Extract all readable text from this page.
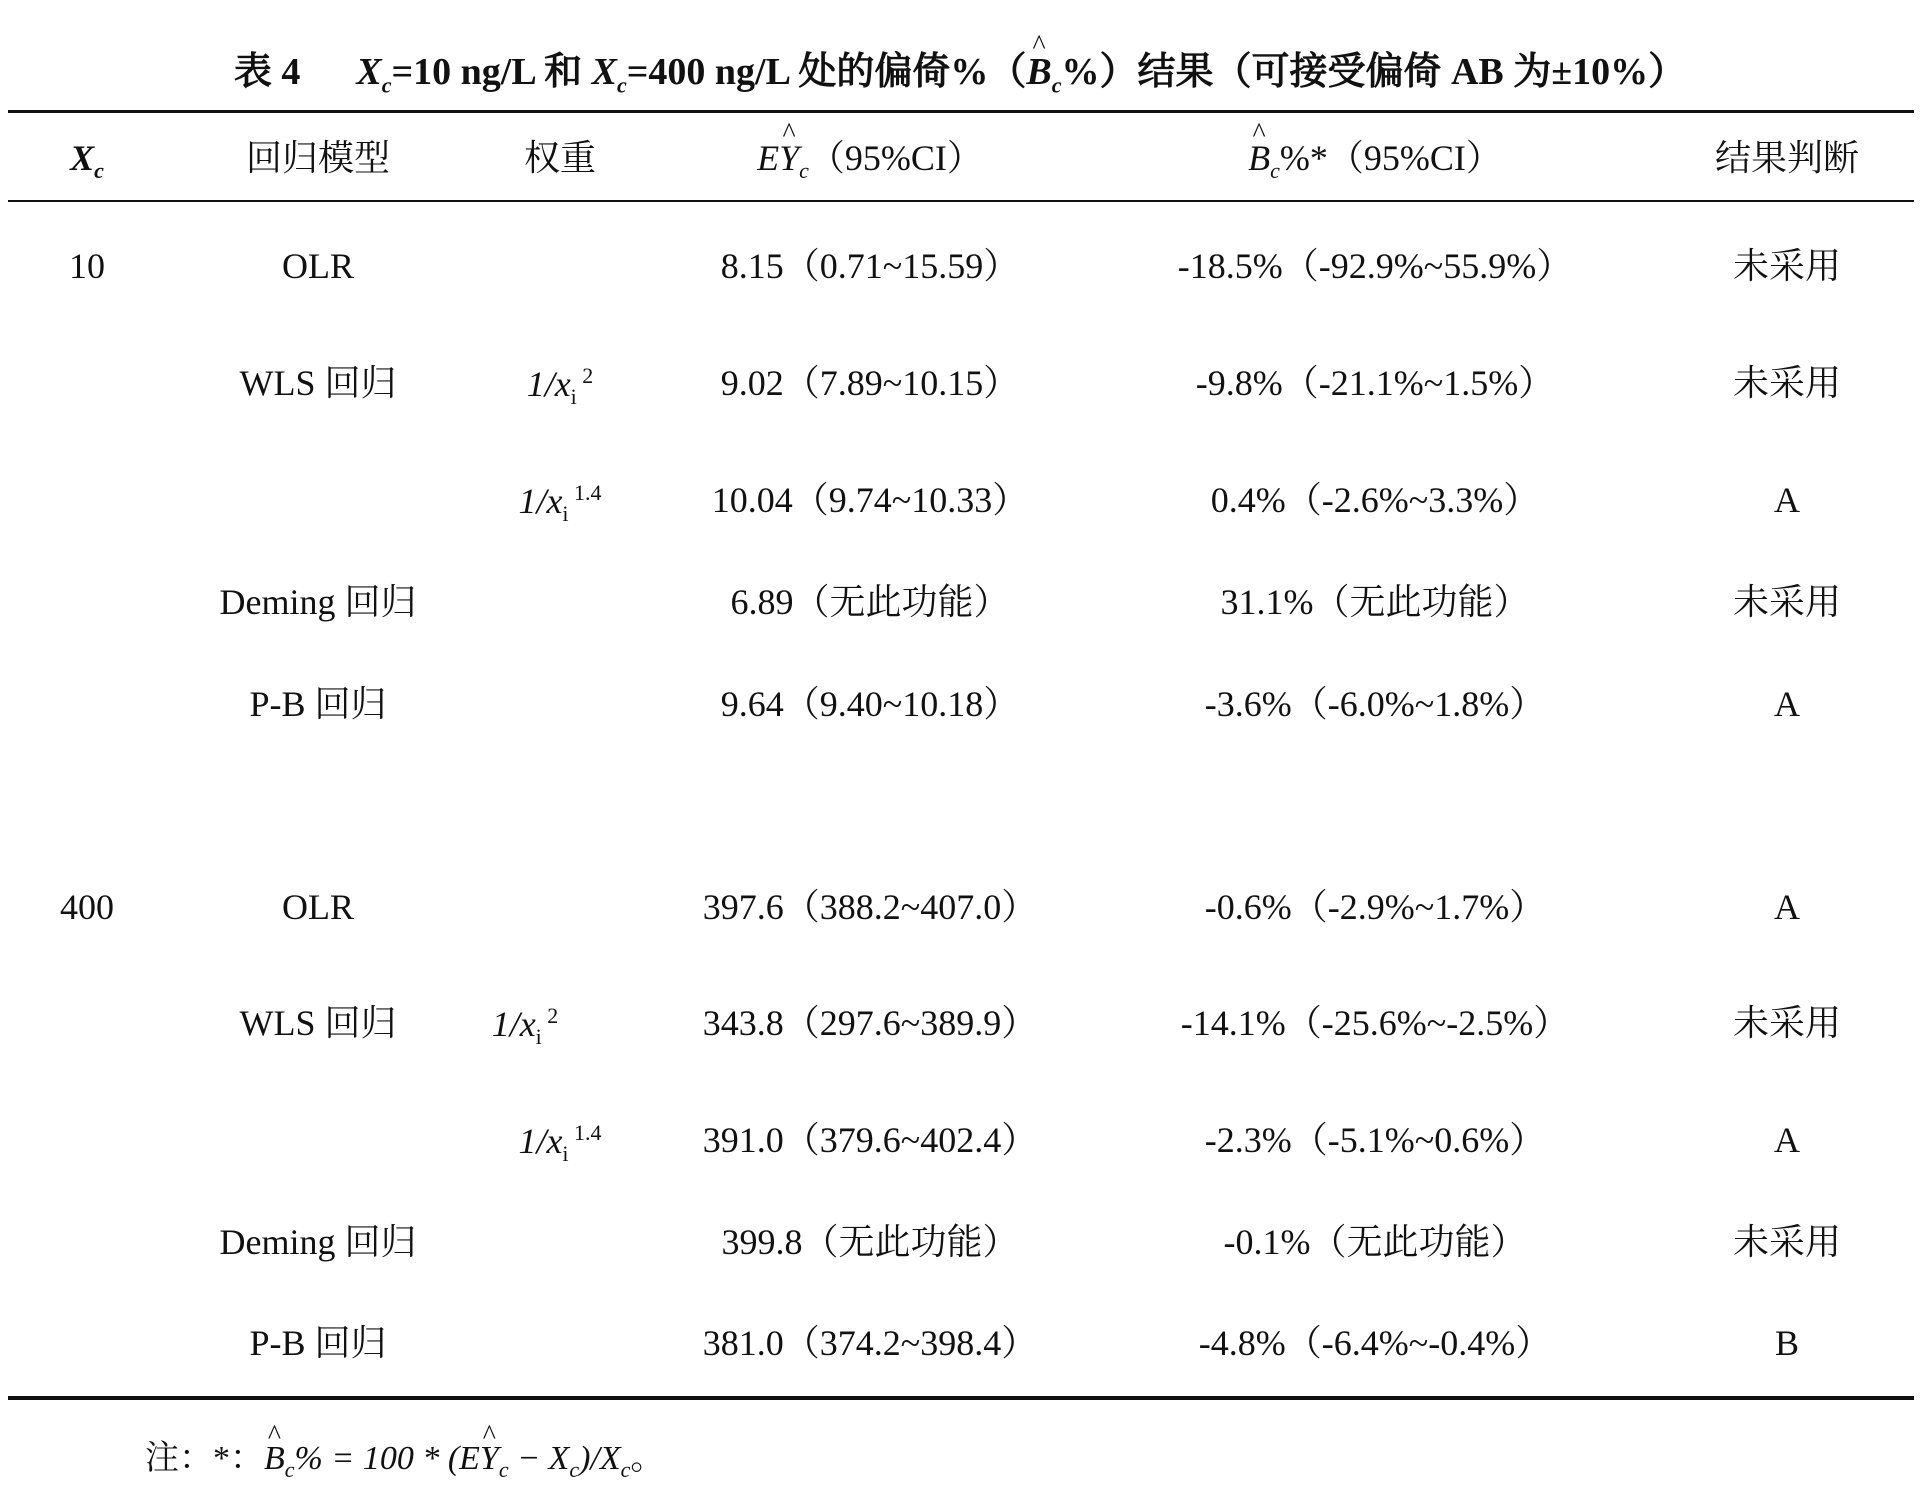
表 4 $X_c=10$ ng/L 和 $X_c=400$ ng/L 处的偏倚%（^ $B_c\%$）结果（可接受偏倚 AB 为±10%）
$X_c$	回归模型	权重	E^ $Y_c(95\%CI)$
^	$B_c\%*(95\%CI)$	结果判断
10	OLR	8.15（0.71~15.59）	-18.5%（-92.9%~55.9%）	未采用
WLS 回归	$1/x_i$ $^2$	9.02（7.89~10.15）	-9.8%（-21.1%~1.5%）	未采用
$1/x_i$ $^{1.4}$	10.04（9.74~10.33）	0.4%（-2.6%~3.3%）	A
Deming 回归	6.89（无此功能）	31.1%（无此功能）	未采用
P-B 回归	9.64（9.40~10.18）	-3.6%（-6.0%~1.8%）	A
400	OLR	397.6（388.2~407.0）	-0.6%（-2.9%~1.7%）	A
WLS 回归	$1/x_i$ $^2$	343.8（297.6~389.9）	-14.1%（-25.6%~-2.5%）	未采用
$1/x_i$ $^{1.4}$	391.0（379.6~402.4）	-2.3%（-5.1%~0.6%）	A
Deming 回归	399.8（无此功能）	-0.1%（无此功能）	未采用
P-B 回归	381.0（374.2~398.4）	-4.8%（-6.4%~-0.4%）	B
注：*：^ $B_c\% = 100$ * (E^ $Y_c - X_c)/X_c$。
